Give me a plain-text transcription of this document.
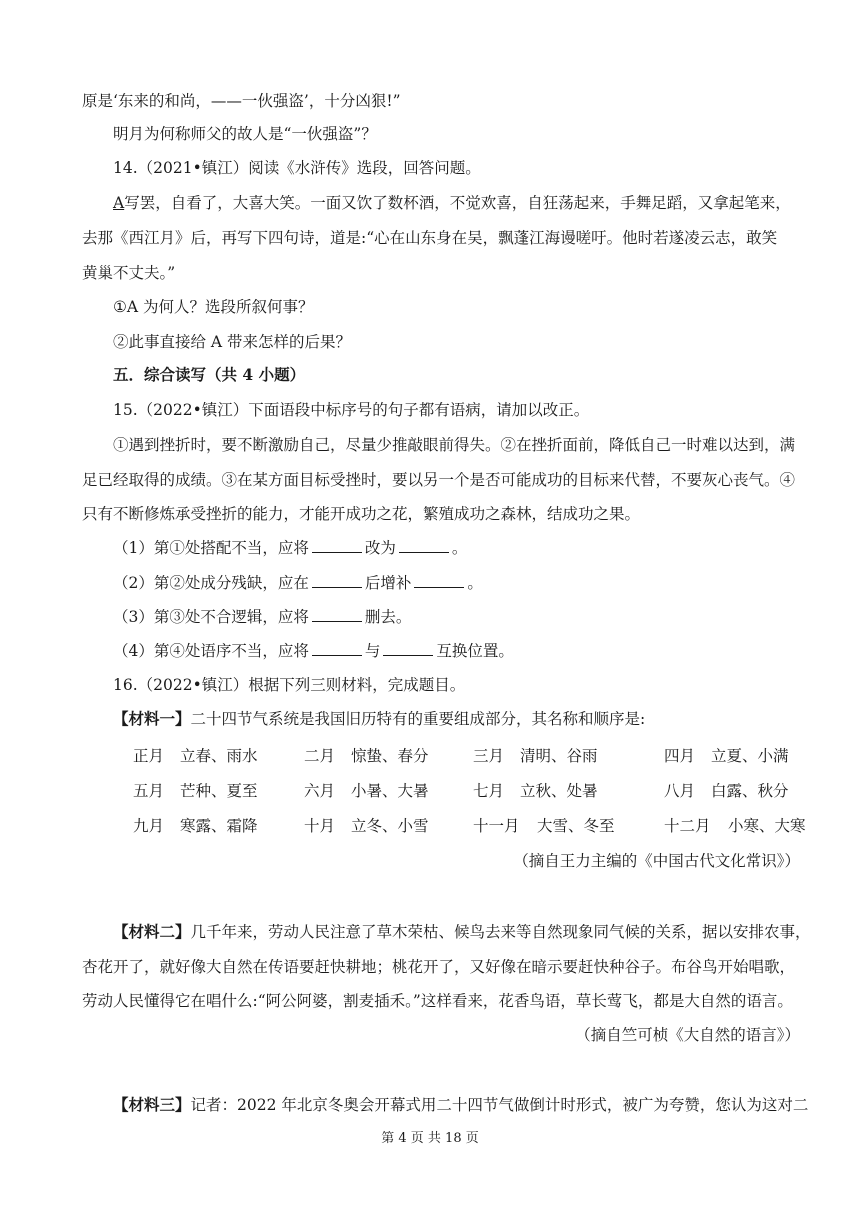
原是‘东来的和尚，——一伙强盗’，十分凶狠!”
明月为何称师父的故人是“一伙强盗”？
14.（2021•镇江）阅读《水浒传》选段，回答问题。
A写罢，自看了，大喜大笑。一面又饮了数杯酒，不觉欢喜，自狂荡起来，手舞足蹈，又拿起笔来，
去那《西江月》后，再写下四句诗，道是:“心在山东身在吴，飘蓬江海谩嗟吁。他时若遂凌云志，敢笑
黄巢不丈夫。”
①A 为何人？选段所叙何事？
②此事直接给 A 带来怎样的后果？
五．综合读写（共 4 小题）
15.（2022•镇江）下面语段中标序号的句子都有语病，请加以改正。
①遇到挫折时，要不断激励自己，尽量少推敲眼前得失。②在挫折面前，降低自己一时难以达到，满
足已经取得的成绩。③在某方面目标受挫时，要以另一个是否可能成功的目标来代替，不要灰心丧气。④
只有不断修炼承受挫折的能力，才能开成功之花，繁殖成功之森林，结成功之果。
（1）第①处搭配不当，应将	改为	。
（2）第②处成分残缺，应在	后增补	。
（3）第③处不合逻辑，应将	删去。
（4）第④处语序不当，应将	与	互换位置。
16.（2022•镇江）根据下列三则材料，完成题目。
【材料一】二十四节气系统是我国旧历特有的重要组成部分，其名称和顺序是:
正月 立春、雨水	二月 惊蛰、春分	三月 清明、谷雨	四月 立夏、小满
五月 芒种、夏至	六月 小暑、大暑	七月 立秋、处暑	八月 白露、秋分
九月 寒露、霜降	十月 立冬、小雪	十一月 大雪、冬至	十二月 小寒、大寒
（摘自王力主编的《中国古代文化常识》）
【材料二】几千年来，劳动人民注意了草木荣枯、候鸟去来等自然现象同气候的关系，据以安排农事，
杏花开了，就好像大自然在传语要赶快耕地；桃花开了，又好像在暗示要赶快种谷子。布谷鸟开始唱歌，
劳动人民懂得它在唱什么:“阿公阿婆，割麦插禾。”这样看来，花香鸟语，草长莺飞，都是大自然的语言。
（摘自竺可桢《大自然的语言》）
【材料三】记者：2022 年北京冬奥会开幕式用二十四节气做倒计时形式，被广为夸赞，您认为这对二
第 4 页 共 18 页
